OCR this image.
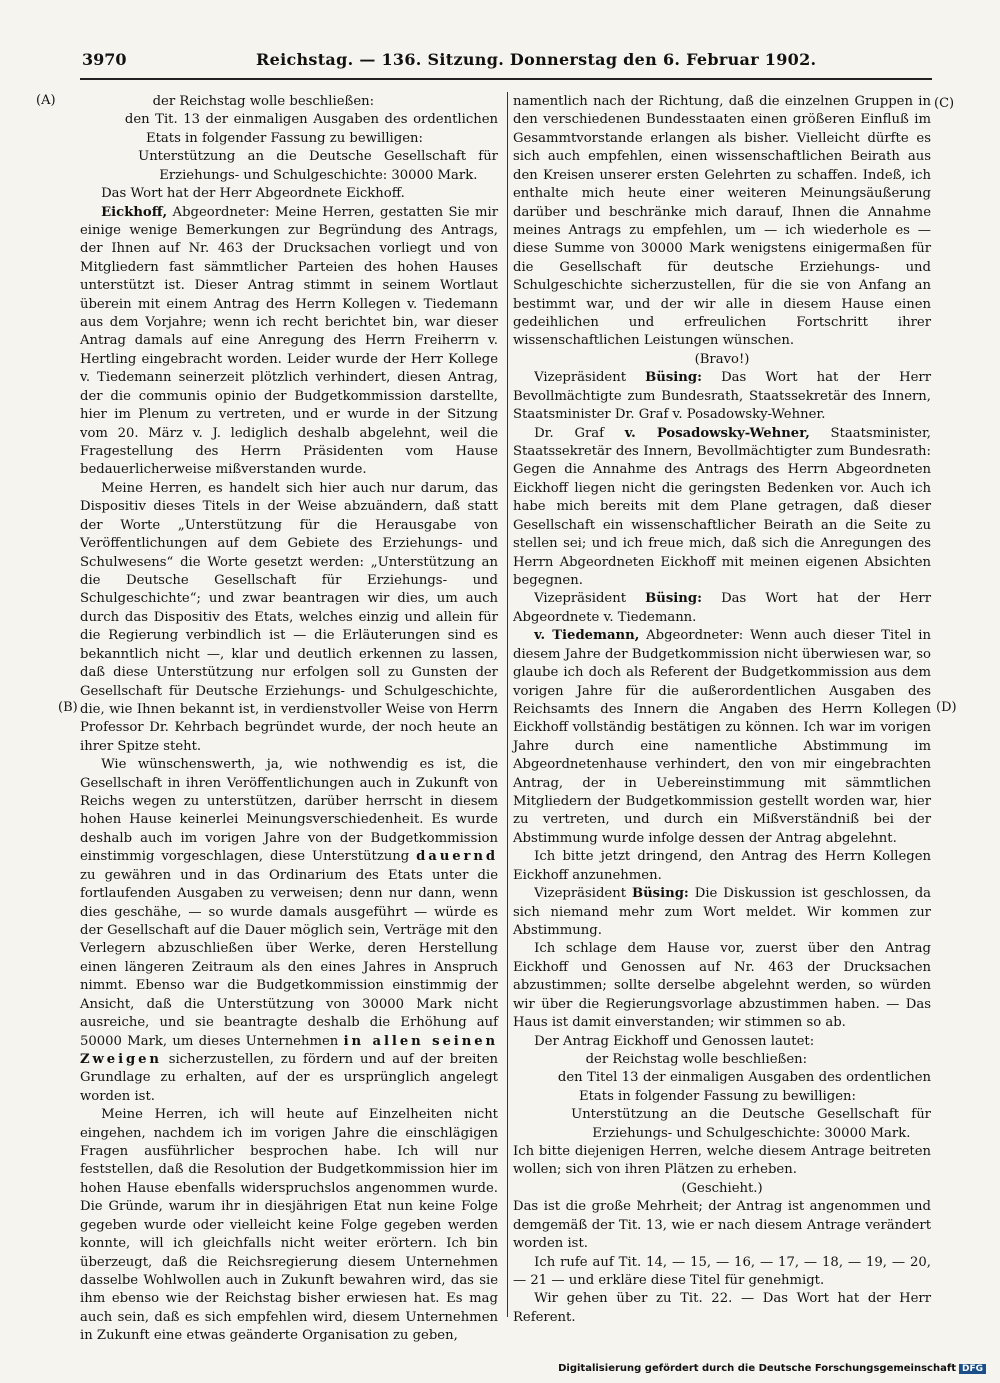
3970	Reichstag. — 136. Sitzung. Donnerstag den 6. Februar 1902.
(A)
(B)
(C)
(D)

der Reichstag wolle beschließen:

den Tit. 13 der einmaligen Ausgaben des ordentlichen Etats in folgender Fassung zu bewilligen:

Unterstützung an die Deutsche Gesellschaft für Erziehungs- und Schulgeschichte: 30000 Mark.

Das Wort hat der Herr Abgeordnete Eickhoff.

Eickhoff, Abgeordneter: Meine Herren, gestatten Sie mir einige wenige Bemerkungen zur Begründung des Antrags, der Ihnen auf Nr. 463 der Drucksachen vorliegt und von Mitgliedern fast sämmtlicher Parteien des hohen Hauses unterstützt ist. Dieser Antrag stimmt in seinem Wortlaut überein mit einem Antrag des Herrn Kollegen v. Tiedemann aus dem Vorjahre; wenn ich recht berichtet bin, war dieser Antrag damals auf eine Anregung des Herrn Freiherrn v. Hertling eingebracht worden. Leider wurde der Herr Kollege v. Tiedemann seinerzeit plötzlich verhindert, diesen Antrag, der die communis opinio der Budgetkommission darstellte, hier im Plenum zu vertreten, und er wurde in der Sitzung vom 20. März v. J. lediglich deshalb abgelehnt, weil die Fragestellung des Herrn Präsidenten vom Hause bedauerlicherweise mißverstanden wurde.

Meine Herren, es handelt sich hier auch nur darum, das Dispositiv dieses Titels in der Weise abzuändern, daß statt der Worte „Unterstützung für die Herausgabe von Veröffentlichungen auf dem Gebiete des Erziehungs- und Schulwesens“ die Worte gesetzt werden: „Unterstützung an die Deutsche Gesellschaft für Erziehungs- und Schulgeschichte“; und zwar beantragen wir dies, um auch durch das Dispositiv des Etats, welches einzig und allein für die Regierung verbindlich ist — die Erläuterungen sind es bekanntlich nicht —, klar und deutlich erkennen zu lassen, daß diese Unterstützung nur erfolgen soll zu Gunsten der Gesellschaft für Deutsche Erziehungs- und Schulgeschichte, die, wie Ihnen bekannt ist, in verdienstvoller Weise von Herrn Professor Dr. Kehrbach begründet wurde, der noch heute an ihrer Spitze steht.

Wie wünschenswerth, ja, wie nothwendig es ist, die Gesellschaft in ihren Veröffentlichungen auch in Zukunft von Reichs wegen zu unterstützen, darüber herrscht in diesem hohen Hause keinerlei Meinungsverschiedenheit. Es wurde deshalb auch im vorigen Jahre von der Budgetkommission einstimmig vorgeschlagen, diese Unterstützung dauernd zu gewähren und in das Ordinarium des Etats unter die fortlaufenden Ausgaben zu verweisen; denn nur dann, wenn dies geschähe, — so wurde damals ausgeführt — würde es der Gesellschaft auf die Dauer möglich sein, Verträge mit den Verlegern abzuschließen über Werke, deren Herstellung einen längeren Zeitraum als den eines Jahres in Anspruch nimmt. Ebenso war die Budgetkommission einstimmig der Ansicht, daß die Unterstützung von 30000 Mark nicht ausreiche, und sie beantragte deshalb die Erhöhung auf 50000 Mark, um dieses Unternehmen in allen seinen Zweigen sicherzustellen, zu fördern und auf der breiten Grundlage zu erhalten, auf der es ursprünglich angelegt worden ist.

Meine Herren, ich will heute auf Einzelheiten nicht eingehen, nachdem ich im vorigen Jahre die einschlägigen Fragen ausführlicher besprochen habe. Ich will nur feststellen, daß die Resolution der Budgetkommission hier im hohen Hause ebenfalls widerspruchslos angenommen wurde. Die Gründe, warum ihr in diesjährigen Etat nun keine Folge gegeben wurde oder vielleicht keine Folge gegeben werden konnte, will ich gleichfalls nicht weiter erörtern. Ich bin überzeugt, daß die Reichsregierung diesem Unternehmen dasselbe Wohlwollen auch in Zukunft bewahren wird, das sie ihm ebenso wie der Reichstag bisher erwiesen hat. Es mag auch sein, daß es sich empfehlen wird, diesem Unternehmen in Zukunft eine etwas geänderte Organisation zu geben,

namentlich nach der Richtung, daß die einzelnen Gruppen in den verschiedenen Bundesstaaten einen größeren Einfluß im Gesammtvorstande erlangen als bisher. Vielleicht dürfte es sich auch empfehlen, einen wissenschaftlichen Beirath aus den Kreisen unserer ersten Gelehrten zu schaffen. Indeß, ich enthalte mich heute einer weiteren Meinungsäußerung darüber und beschränke mich darauf, Ihnen die Annahme meines Antrags zu empfehlen, um — ich wiederhole es — diese Summe von 30000 Mark wenigstens einigermaßen für die Gesellschaft für deutsche Erziehungs- und Schulgeschichte sicherzustellen, für die sie von Anfang an bestimmt war, und der wir alle in diesem Hause einen gedeihlichen und erfreulichen Fortschritt ihrer wissenschaftlichen Leistungen wünschen.

(Bravo!)

Vizepräsident Büsing: Das Wort hat der Herr Bevollmächtigte zum Bundesrath, Staatssekretär des Innern, Staatsminister Dr. Graf v. Posadowsky-Wehner.

Dr. Graf v. Posadowsky-Wehner, Staatsminister, Staatssekretär des Innern, Bevollmächtigter zum Bundesrath: Gegen die Annahme des Antrags des Herrn Abgeordneten Eickhoff liegen nicht die geringsten Bedenken vor. Auch ich habe mich bereits mit dem Plane getragen, daß dieser Gesellschaft ein wissenschaftlicher Beirath an die Seite zu stellen sei; und ich freue mich, daß sich die Anregungen des Herrn Abgeordneten Eickhoff mit meinen eigenen Absichten begegnen.

Vizepräsident Büsing: Das Wort hat der Herr Abgeordnete v. Tiedemann.

v. Tiedemann, Abgeordneter: Wenn auch dieser Titel in diesem Jahre der Budgetkommission nicht überwiesen war, so glaube ich doch als Referent der Budgetkommission aus dem vorigen Jahre für die außerordentlichen Ausgaben des Reichsamts des Innern die Angaben des Herrn Kollegen Eickhoff vollständig bestätigen zu können. Ich war im vorigen Jahre durch eine namentliche Abstimmung im Abgeordnetenhause verhindert, den von mir eingebrachten Antrag, der in Uebereinstimmung mit sämmtlichen Mitgliedern der Budgetkommission gestellt worden war, hier zu vertreten, und durch ein Mißverständniß bei der Abstimmung wurde infolge dessen der Antrag abgelehnt.

Ich bitte jetzt dringend, den Antrag des Herrn Kollegen Eickhoff anzunehmen.

Vizepräsident Büsing: Die Diskussion ist geschlossen, da sich niemand mehr zum Wort meldet. Wir kommen zur Abstimmung.

Ich schlage dem Hause vor, zuerst über den Antrag Eickhoff und Genossen auf Nr. 463 der Drucksachen abzustimmen; sollte derselbe abgelehnt werden, so würden wir über die Regierungsvorlage abzustimmen haben. — Das Haus ist damit einverstanden; wir stimmen so ab.

Der Antrag Eickhoff und Genossen lautet:

der Reichstag wolle beschließen:

den Titel 13 der einmaligen Ausgaben des ordentlichen Etats in folgender Fassung zu bewilligen:

Unterstützung an die Deutsche Gesellschaft für Erziehungs- und Schulgeschichte: 30000 Mark.

Ich bitte diejenigen Herren, welche diesem Antrage beitreten wollen; sich von ihren Plätzen zu erheben.

(Geschieht.)

Das ist die große Mehrheit; der Antrag ist angenommen und demgemäß der Tit. 13, wie er nach diesem Antrage verändert worden ist.

Ich rufe auf Tit. 14, — 15, — 16, — 17, — 18, — 19, — 20, — 21 — und erkläre diese Titel für genehmigt.

Wir gehen über zu Tit. 22. — Das Wort hat der Herr Referent.

Digitalisierung gefördert durch die Deutsche Forschungsgemeinschaft DFG
